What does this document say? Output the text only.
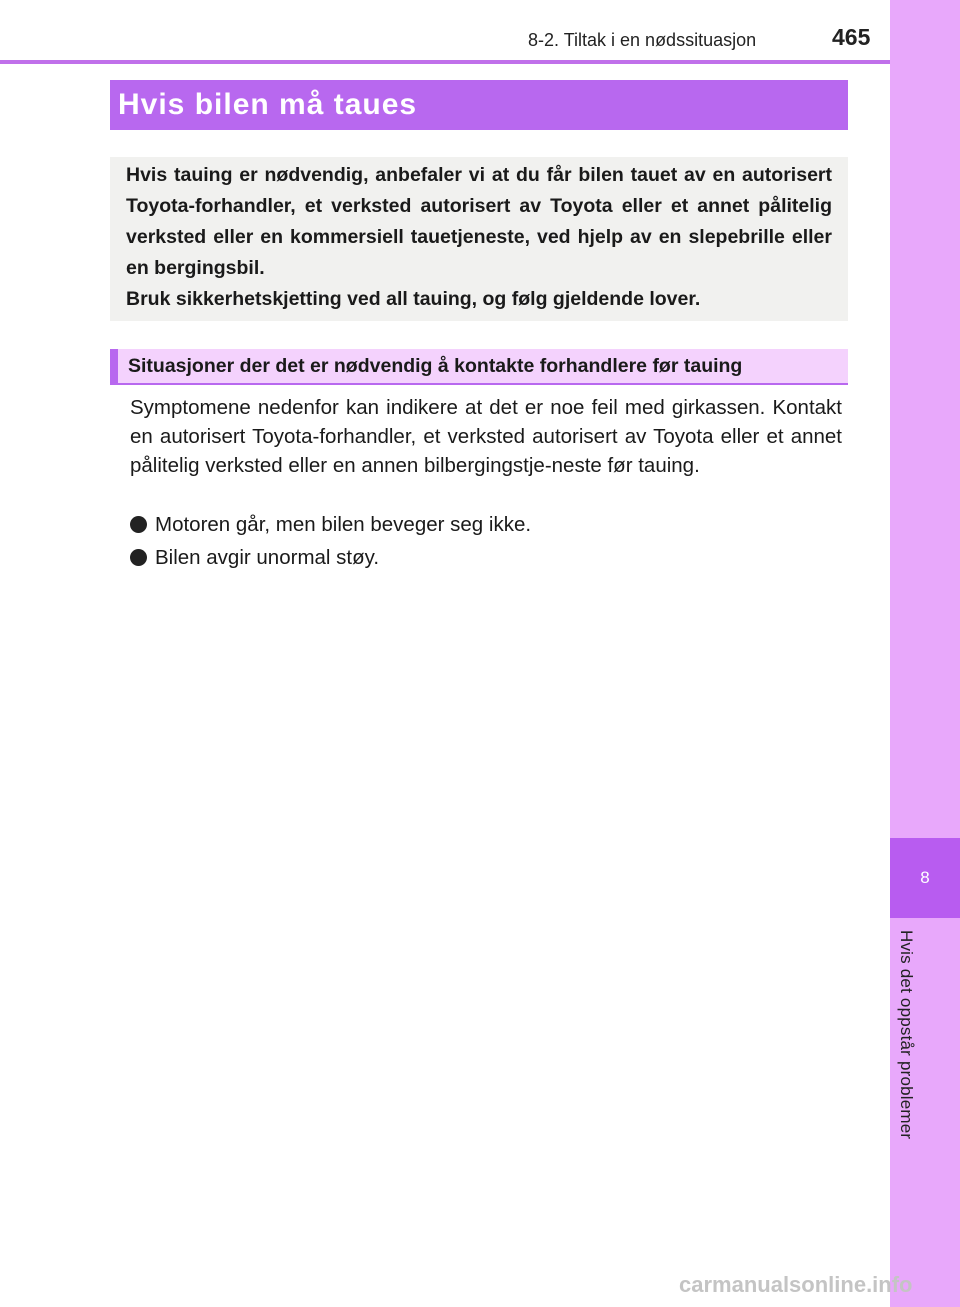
8-2. Tiltak i en nødssituasjon	465
8
Hvis det oppstår problemer
Hvis bilen må taues

Hvis tauing er nødvendig, anbefaler vi at du får bilen tauet av en autorisert Toyota-forhandler, et verksted autorisert av Toyota eller et annet pålitelig verksted eller en kommersiell tauetjeneste, ved hjelp av en slepebrille eller en bergingsbil.

Bruk sikkerhetskjetting ved all tauing, og følg gjeldende lover.

Situasjoner der det er nødvendig å kontakte forhandlere før tauing

Symptomene nedenfor kan indikere at det er noe feil med girkassen. Kontakt en autorisert Toyota-forhandler, et verksted autorisert av Toyota eller et annet pålitelig verksted eller en annen bilbergingstje-neste før tauing.

Motoren går, men bilen beveger seg ikke.
Bilen avgir unormal støy.
carmanualsonline.info
